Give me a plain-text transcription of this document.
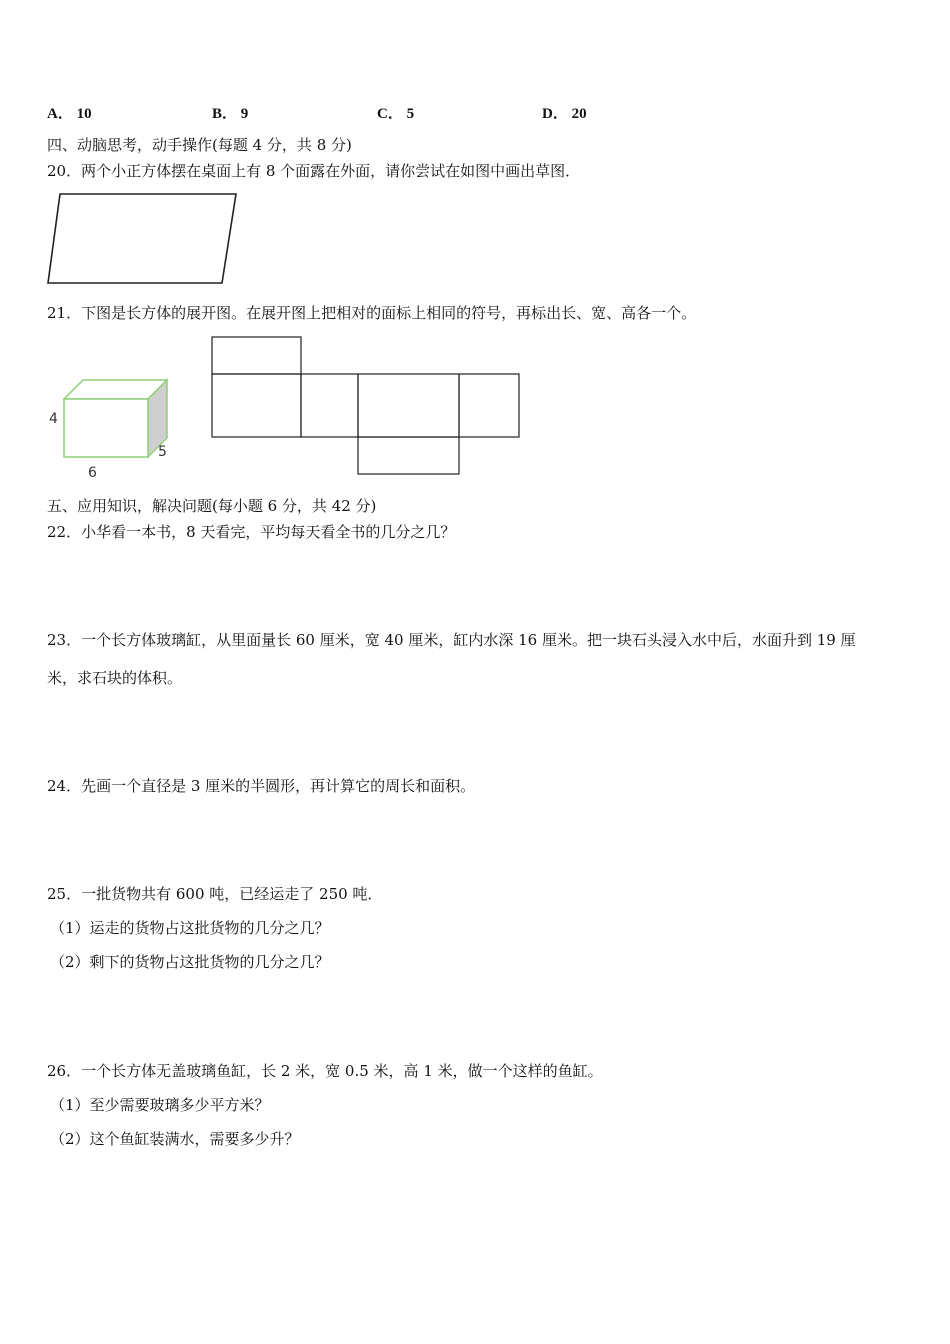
A． 10	B． 9	C． 5	D． 20
四、动脑思考，动手操作(每题 4 分，共 8 分)
20．两个小正方体摆在桌面上有 8 个面露在外面，请你尝试在如图中画出草图．
21．下图是长方体的展开图。在展开图上把相对的面标上相同的符号，再标出长、宽、高各一个。
4
6
5
五、应用知识，解决问题(每小题 6 分，共 42 分)
22．小华看一本书，8 天看完，平均每天看全书的几分之几？
23．一个长方体玻璃缸，从里面量长 60 厘米，宽 40 厘米，缸内水深 16 厘米。把一块石头浸入水中后，水面升到 19 厘
米，求石块的体积。
24．先画一个直径是 3 厘米的半圆形，再计算它的周长和面积。
25．一批货物共有 600 吨，已经运走了 250 吨．
（1）运走的货物占这批货物的几分之几？
（2）剩下的货物占这批货物的几分之几？
26．一个长方体无盖玻璃鱼缸，长 2 米，宽 0.5 米，高 1 米，做一个这样的鱼缸。
（1）至少需要玻璃多少平方米？
（2）这个鱼缸装满水，需要多少升？
